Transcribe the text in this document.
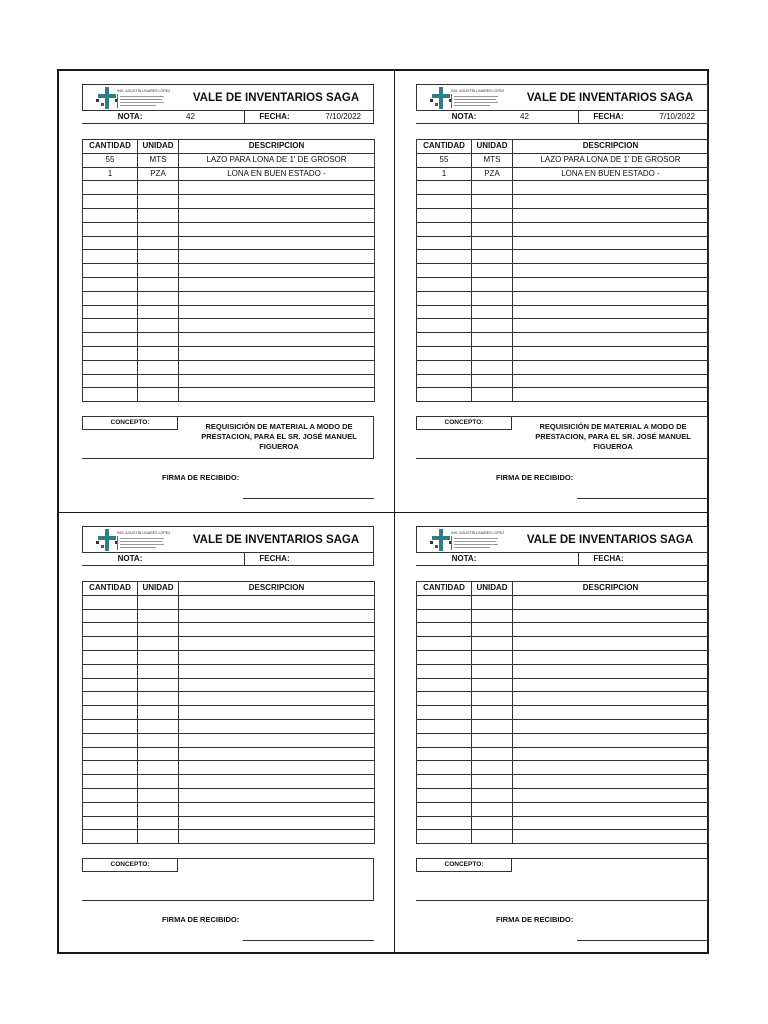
ING. AGUSTÍN LINARES LÓPEZ
VALE DE INVENTARIOS SAGA
NOTA:	42	FECHA:	7/10/2022
CANTIDAD	UNIDAD	DESCRIPCION
55	MTS	LAZO PARA LONA DE 1' DE GROSOR
1	PZA	LONA EN BUEN ESTADO -

CONCEPTO:	REQUISICIÓN DE MATERIAL A MODO DE PRESTACION, PARA EL SR. JOSÉ MANUEL FIGUEROA
FIRMA DE RECIBIDO:
ING. AGUSTÍN LINARES LÓPEZ
VALE DE INVENTARIOS SAGA
NOTA:	42	FECHA:	7/10/2022
CANTIDAD	UNIDAD	DESCRIPCION
55	MTS	LAZO PARA LONA DE 1' DE GROSOR
1	PZA	LONA EN BUEN ESTADO -

CONCEPTO:	REQUISICIÓN DE MATERIAL A MODO DE PRESTACION, PARA EL SR. JOSÉ MANUEL FIGUEROA
FIRMA DE RECIBIDO:
ING. AGUSTÍN LINARES LÓPEZ
VALE DE INVENTARIOS SAGA
NOTA:	FECHA:
CANTIDAD	UNIDAD	DESCRIPCION

CONCEPTO:
FIRMA DE RECIBIDO:
ING. AGUSTÍN LINARES LÓPEZ
VALE DE INVENTARIOS SAGA
NOTA:	FECHA:
CANTIDAD	UNIDAD	DESCRIPCION

CONCEPTO:
FIRMA DE RECIBIDO:
